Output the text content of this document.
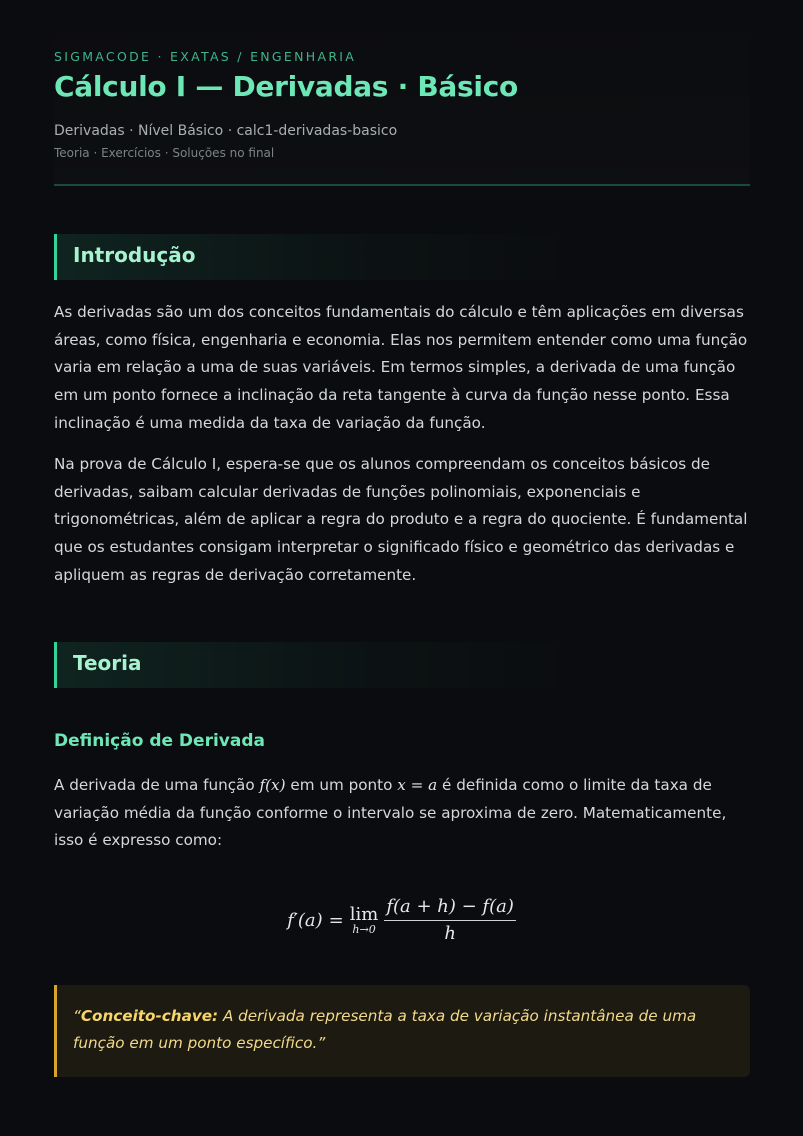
SIGMACODE · EXATAS / ENGENHARIA
Cálculo I — Derivadas · Básico
Derivadas · Nível Básico · calc1-derivadas-basico
Teoria · Exercícios · Soluções no final
Introdução

As derivadas são um dos conceitos fundamentais do cálculo e têm aplicações em diversas áreas, como física, engenharia e economia. Elas nos permitem entender como uma função varia em relação a uma de suas variáveis. Em termos simples, a derivada de uma função em um ponto fornece a inclinação da reta tangente à curva da função nesse ponto. Essa inclinação é uma medida da taxa de variação da função.

Na prova de Cálculo I, espera-se que os alunos compreendam os conceitos básicos de derivadas, saibam calcular derivadas de funções polinomiais, exponenciais e trigonométricas, além de aplicar a regra do produto e a regra do quociente. É fundamental que os estudantes consigam interpretar o significado físico e geométrico das derivadas e apliquem as regras de derivação corretamente.

Teoria
Definição de Derivada

A derivada de uma função f(x) em um ponto x = a é definida como o limite da taxa de variação média da função conforme o intervalo se aproxima de zero. Matematicamente, isso é expresso como:

f′(a) = lim
$h\to 0 \frac{f(a + h) - f(a)}{h}$

“Conceito-chave: A derivada representa a taxa de variação instantânea de uma função em um ponto específico.”
